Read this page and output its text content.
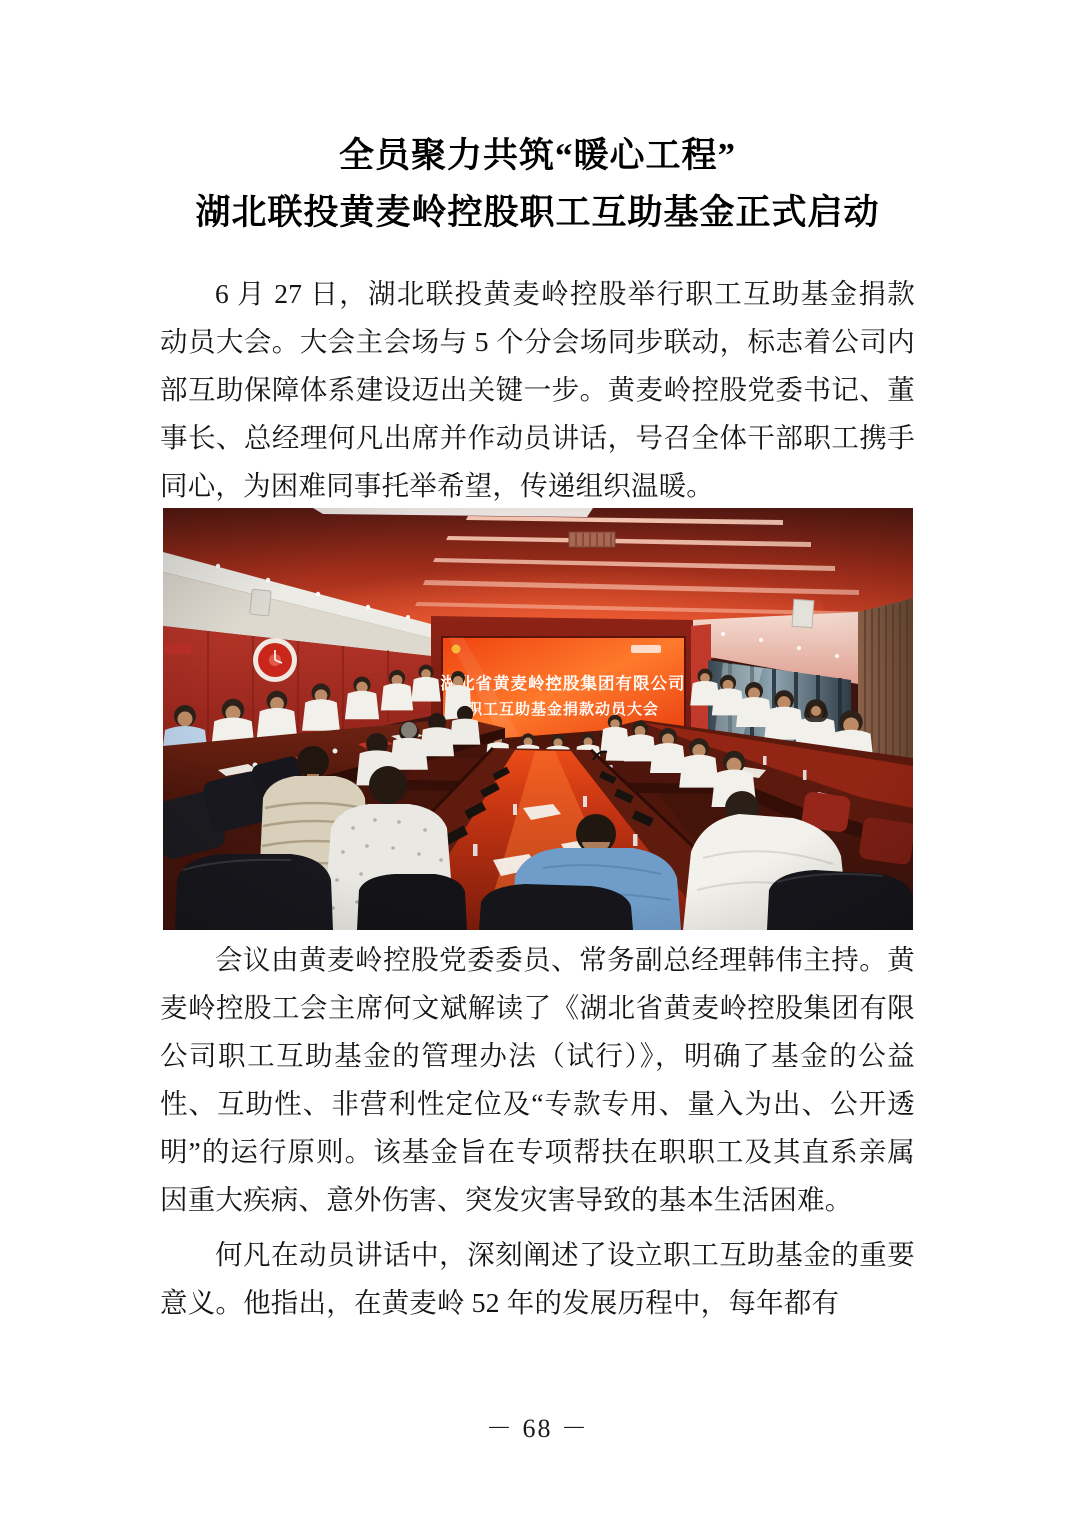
全员聚力共筑“暖心工程”
湖北联投黄麦岭控股职工互助基金正式启动

6 月 27 日，湖北联投黄麦岭控股举行职工互助基金捐款动员大会。大会主会场与 5 个分会场同步联动，标志着公司内部互助保障体系建设迈出关键一步。黄麦岭控股党委书记、董事长、总经理何凡出席并作动员讲话，号召全体干部职工携手同心，为困难同事托举希望，传递组织温暖。

会议由黄麦岭控股党委委员、常务副总经理韩伟主持。黄麦岭控股工会主席何文斌解读了《湖北省黄麦岭控股集团有限公司职工互助基金的管理办法（试行）》，明确了基金的公益性、互助性、非营利性定位及“专款专用、量入为出、公开透明”的运行原则。该基金旨在专项帮扶在职职工及其直系亲属因重大疾病、意外伤害、突发灾害导致的基本生活困难。

何凡在动员讲话中，深刻阐述了设立职工互助基金的重要意义。他指出，在黄麦岭 52 年的发展历程中，每年都有

－ 68 －
